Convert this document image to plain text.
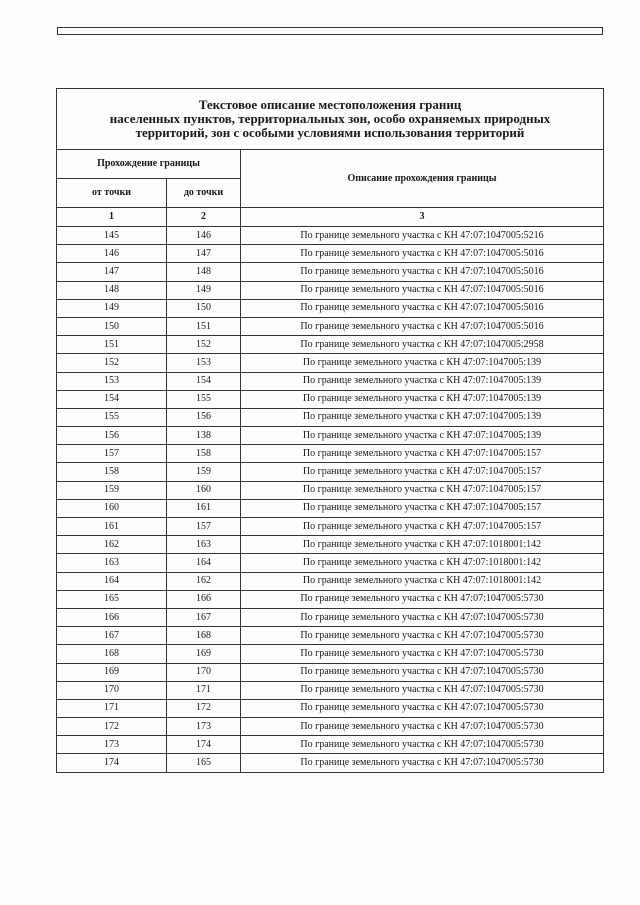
Текстовое описание местоположения границ
населенных пунктов, территориальных зон, особо охраняемых природных
территорий, зон с особыми условиями использования территорий		

Прохождение границы		Описание прохождения границы
от точки	до точки	
1	2	3
145	146	По границе земельного участка с КН 47:07:1047005:5216
146	147	По границе земельного участка с КН 47:07:1047005:5016
147	148	По границе земельного участка с КН 47:07:1047005:5016
148	149	По границе земельного участка с КН 47:07:1047005:5016
149	150	По границе земельного участка с КН 47:07:1047005:5016
150	151	По границе земельного участка с КН 47:07:1047005:5016
151	152	По границе земельного участка с КН 47:07:1047005:2958
152	153	По границе земельного участка с КН 47:07:1047005:139
153	154	По границе земельного участка с КН 47:07:1047005:139
154	155	По границе земельного участка с КН 47:07:1047005:139
155	156	По границе земельного участка с КН 47:07:1047005:139
156	138	По границе земельного участка с КН 47:07:1047005:139
157	158	По границе земельного участка с КН 47:07:1047005:157
158	159	По границе земельного участка с КН 47:07:1047005:157
159	160	По границе земельного участка с КН 47:07:1047005:157
160	161	По границе земельного участка с КН 47:07:1047005:157
161	157	По границе земельного участка с КН 47:07:1047005:157
162	163	По границе земельного участка с КН 47:07:1018001:142
163	164	По границе земельного участка с КН 47:07:1018001:142
164	162	По границе земельного участка с КН 47:07:1018001:142
165	166	По границе земельного участка с КН 47:07:1047005:5730
166	167	По границе земельного участка с КН 47:07:1047005:5730
167	168	По границе земельного участка с КН 47:07:1047005:5730
168	169	По границе земельного участка с КН 47:07:1047005:5730
169	170	По границе земельного участка с КН 47:07:1047005:5730
170	171	По границе земельного участка с КН 47:07:1047005:5730
171	172	По границе земельного участка с КН 47:07:1047005:5730
172	173	По границе земельного участка с КН 47:07:1047005:5730
173	174	По границе земельного участка с КН 47:07:1047005:5730
174	165	По границе земельного участка с КН 47:07:1047005:5730
